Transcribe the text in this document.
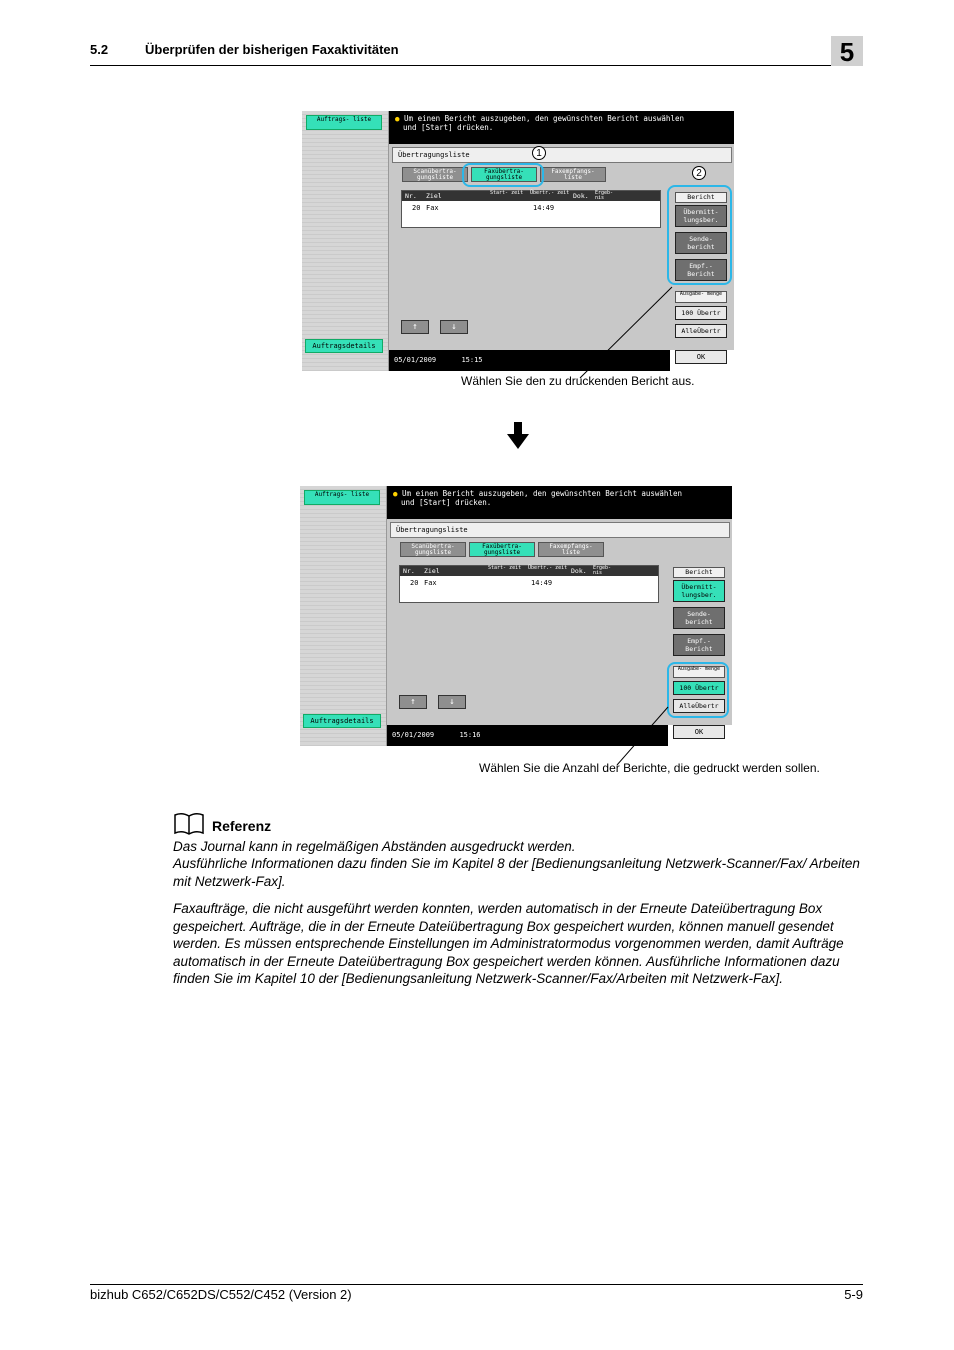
5.2	Überprüfen der bisherigen Faxaktivitäten	5
Auftrags- liste
Auftragsdetails
● Um einen Bericht auszugeben, den gewünschten Bericht auswählen
und [Start] drücken.
Übertragungsliste
Scanübertra- gungsliste
Faxübertra- gungsliste
Faxempfangs- liste
Nr. Ziel	Start- zeit Übertr.- zeit Dok. Ergeb- nis
20 Fax	14:49
↑	↓
Bericht
Übermitt- lungsber.
Sende- bericht
Empf.- Bericht
Ausgabe- menge
100 Übertr
AlleÜbertr
OK
05/01/2009	15:15
1
2
Wählen Sie den zu druckenden Bericht aus.
Auftrags- liste
Auftragsdetails
● Um einen Bericht auszugeben, den gewünschten Bericht auswählen
und [Start] drücken.
Übertragungsliste
Scanübertra- gungsliste
Faxübertra- gungsliste
Faxempfangs- liste
Nr. Ziel	Start- zeit Übertr.- zeit Dok. Ergeb- nis
20 Fax	14:49
↑	↓
Bericht
Übermitt- lungsber.
Sende- bericht
Empf.- Bericht
Ausgabe- menge
100 Übertr
AlleÜbertr
OK
05/01/2009	15:16
Wählen Sie die Anzahl der Berichte, die gedruckt werden sollen.
Referenz
Das Journal kann in regelmäßigen Abständen ausgedruckt werden.
Ausführliche Informationen dazu finden Sie im Kapitel 8 der [Bedienungsanleitung Netzwerk-Scanner/Fax/ Arbeiten mit Netzwerk-Fax].
Faxaufträge, die nicht ausgeführt werden konnten, werden automatisch in der Erneute Dateiübertragung Box gespeichert. Aufträge, die in der Erneute Dateiübertragung Box gespeichert wurden, können manuell gesendet werden. Es müssen entsprechende Einstellungen im Administratormodus vorgenommen werden, damit Aufträge automatisch in der Erneute Dateiübertragung Box gespeichert werden können. Ausführliche Informationen dazu finden Sie im Kapitel 10 der [Bedienungsanleitung Netzwerk-Scanner/Fax/Arbeiten mit Netzwerk-Fax].
bizhub C652/C652DS/C552/C452 (Version 2)	5-9
